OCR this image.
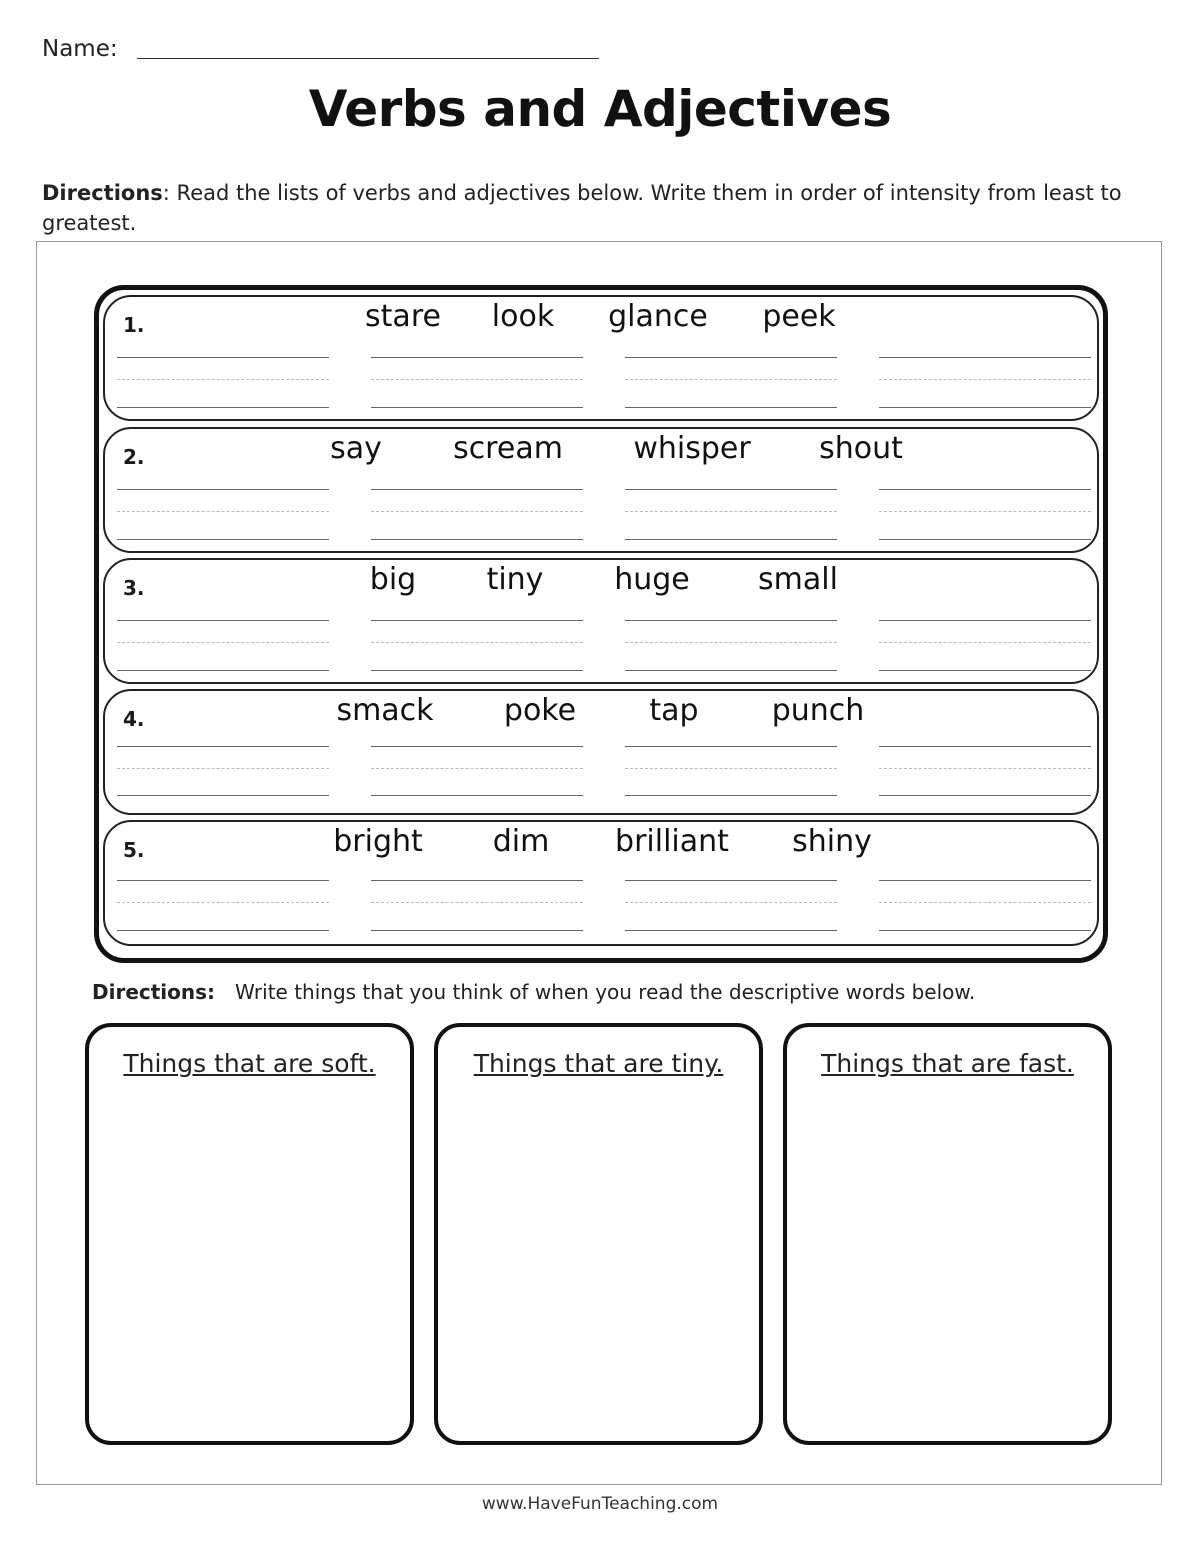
Name:
Verbs and Adjectives
Directions: Read the lists of verbs and adjectives below. Write them in order of intensity from least to greatest.
1.	stare look glance peek
2.	say scream whisper shout
3.	big tiny huge small
4.	smack poke tap punch
5.	bright dim brilliant shiny
Directions: Write things that you think of when you read the descriptive words below.
Things that are soft.	Things that are tiny.	Things that are fast.
www.HaveFunTeaching.com
